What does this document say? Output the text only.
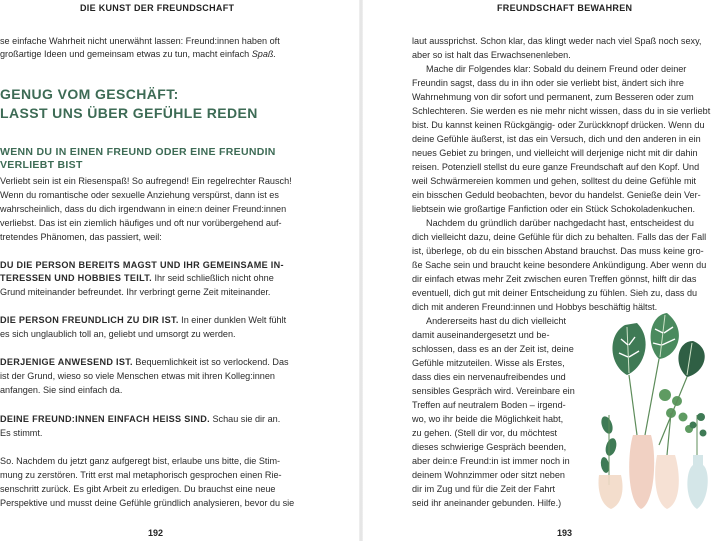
DIE KUNST DER FREUNDSCHAFT

se einfache Wahrheit nicht unerwähnt lassen: Freund:innen haben oft

großartige Ideen und gemeinsam etwas zu tun, macht einfach Spaß.

GENUG VOM GESCHÄFT:
LASST UNS ÜBER GEFÜHLE REDEN
WENN DU IN EINEN FREUND ODER EINE FREUNDIN
VERLIEBT BIST

Verliebt sein ist ein Riesenspaß! So aufregend! Ein regelrechter Rausch!

Wenn du romantische oder sexuelle Anziehung verspürst, dann ist es

wahrscheinlich, dass du dich irgendwann in eine:n deiner Freund:innen

verliebst. Das ist ein ziemlich häufiges und oft nur vorübergehend auf-

tretendes Phänomen, das passiert, weil:

DU DIE PERSON BEREITS MAGST UND IHR GEMEINSAME IN-

TERESSEN UND HOBBIES TEILT. Ihr seid schließlich nicht ohne

Grund miteinander befreundet. Ihr verbringt gerne Zeit miteinander.

DIE PERSON FREUNDLICH ZU DIR IST. In einer dunklen Welt fühlt

es sich unglaublich toll an, geliebt und umsorgt zu werden.

DERJENIGE ANWESEND IST. Bequemlichkeit ist so verlockend. Das

ist der Grund, wieso so viele Menschen etwas mit ihren Kolleg:innen

anfangen. Sie sind einfach da.

DEINE FREUND:INNEN EINFACH HEISS SIND. Schau sie dir an.

Es stimmt.

So. Nachdem du jetzt ganz aufgeregt bist, erlaube uns bitte, die Stim-

mung zu zerstören. Tritt erst mal metaphorisch gesprochen einen Rie-

senschritt zurück. Es gibt Arbeit zu erledigen. Du brauchst eine neue

Perspektive und musst deine Gefühle gründlich analysieren, bevor du sie

192
FREUNDSCHAFT BEWAHREN

laut aussprichst. Schon klar, das klingt weder nach viel Spaß noch sexy,

aber so ist halt das Erwachsenenleben.

Mache dir Folgendes klar: Sobald du deinem Freund oder deiner

Freundin sagst, dass du in ihn oder sie verliebt bist, ändert sich ihre

Wahrnehmung von dir sofort und permanent, zum Besseren oder zum

Schlechteren. Sie werden es nie mehr nicht wissen, dass du in sie verliebt

bist. Du kannst keinen Rückgängig- oder Zurückknopf drücken. Wenn du

deine Gefühle äußerst, ist das ein Versuch, dich und den anderen in ein

neues Gebiet zu bringen, und vielleicht will derjenige nicht mit dir dahin

reisen. Potenziell stellst du eure ganze Freundschaft auf den Kopf. Und

weil Schwärmereien kommen und gehen, solltest du deine Gefühle mit

ein bisschen Geduld beobachten, bevor du handelst. Genieße dein Ver-

liebtsein wie großartige Fanfiction oder ein Stück Schokoladenkuchen.

Nachdem du gründlich darüber nachgedacht hast, entscheidest du

dich vielleicht dazu, deine Gefühle für dich zu behalten. Falls das der Fall

ist, überlege, ob du ein bisschen Abstand brauchst. Das muss keine gro-

ße Sache sein und braucht keine besondere Ankündigung. Aber wenn du

dir einfach etwas mehr Zeit zwischen euren Treffen gönnst, hilft dir das

eventuell, dich gut mit deiner Entscheidung zu fühlen. Sieh zu, dass du

dich mit anderen Freund:innen und Hobbys beschäftig hältst.

Andererseits hast du dich vielleicht

damit auseinandergesetzt und be-

schlossen, dass es an der Zeit ist, deine

Gefühle mitzuteilen. Wisse als Erstes,

dass dies ein nervenaufreibendes und

sensibles Gespräch wird. Vereinbare ein

Treffen auf neutralem Boden – irgend-

wo, wo ihr beide die Möglichkeit habt,

zu gehen. (Stell dir vor, du möchtest

dieses schwierige Gespräch beenden,

aber dein:e Freund:in ist immer noch in

deinem Wohnzimmer oder sitzt neben

dir im Zug und für die Zeit der Fahrt

seid ihr aneinander gebunden. Hilfe.)

193
